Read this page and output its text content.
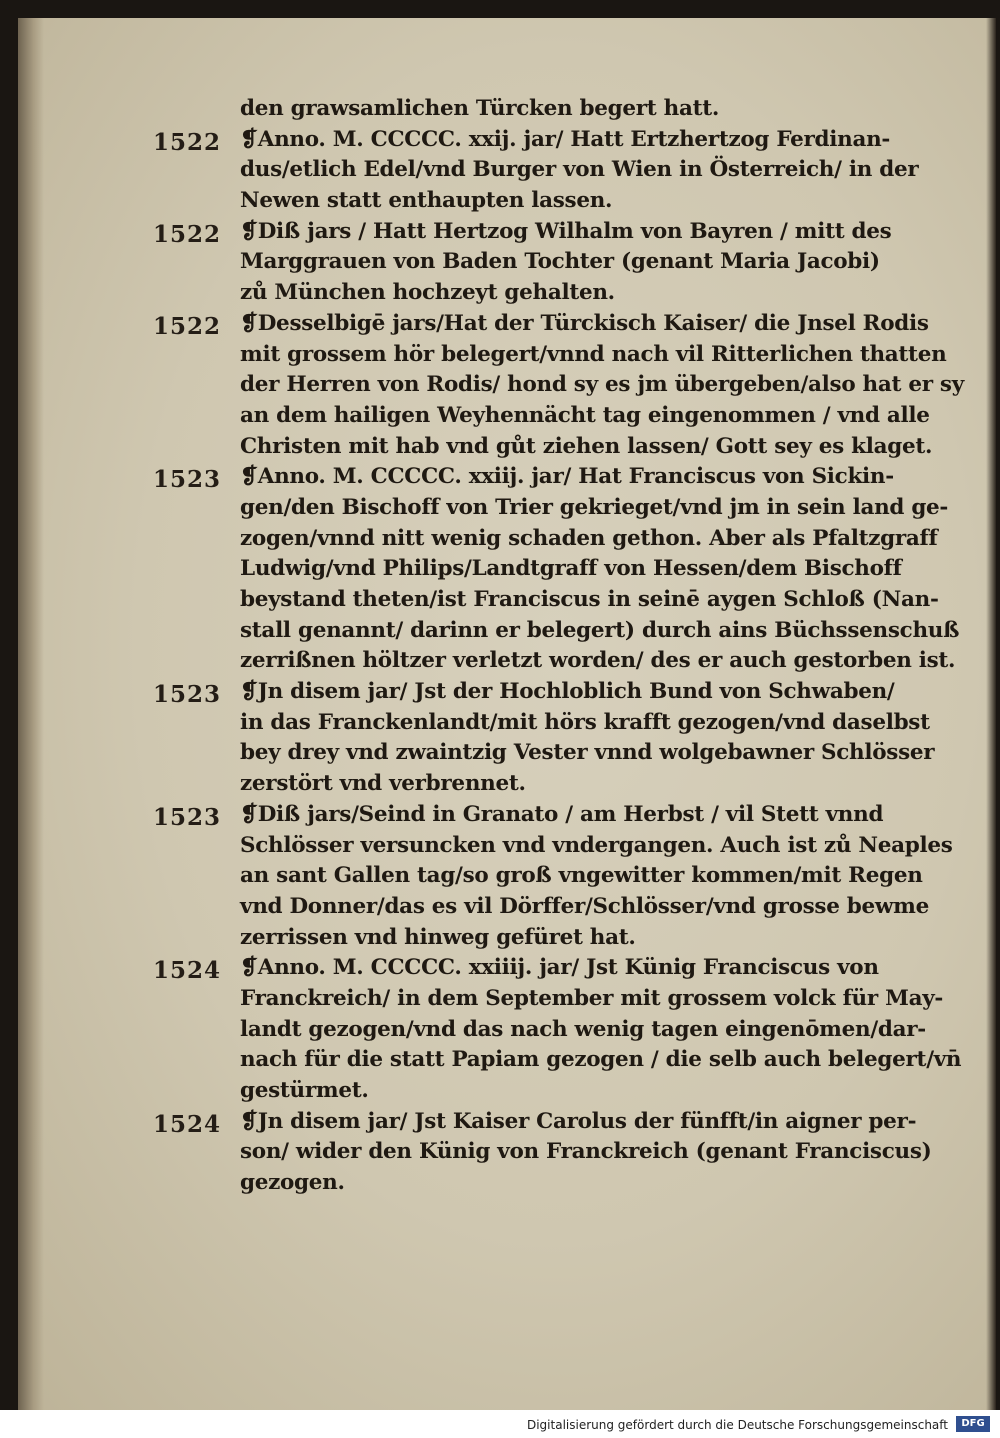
den grawsamlichen Türcken begert hatt.
1522 ❡Anno. M. CCCCC. xxij. jar/ Hatt Ertzhertzog Ferdinan-
dus/etlich Edel/vnd Burger von Wien in Österreich/ in der
Newen statt enthaupten lassen.
1522 ❡Diß jars / Hatt Hertzog Wilhalm von Bayren / mitt des
Marggrauen von Baden Tochter (genant Maria Jacobi)
zů München hochzeyt gehalten.
1522 ❡Desselbigē jars/Hat der Türckisch Kaiser/ die Jnsel Rodis
mit grossem hör belegert/vnnd nach vil Ritterlichen thatten
der Herren von Rodis/ hond sy es jm übergeben/also hat er sy
an dem hailigen Weyhennächt tag eingenommen / vnd alle
Christen mit hab vnd gůt ziehen lassen/ Gott sey es klaget.
1523 ❡Anno. M. CCCCC. xxiij. jar/ Hat Franciscus von Sickin-
gen/den Bischoff von Trier gekrieget/vnd jm in sein land ge-
zogen/vnnd nitt wenig schaden gethon. Aber als Pfaltzgraff
Ludwig/vnd Philips/Landtgraff von Hessen/dem Bischoff
beystand theten/ist Franciscus in seinē aygen Schloß (Nan-
stall genannt/ darinn er belegert) durch ains Büchssenschuß
zerrißnen höltzer verletzt worden/ des er auch gestorben ist.
1523 ❡Jn disem jar/ Jst der Hochloblich Bund von Schwaben/
in das Franckenlandt/mit hörs krafft gezogen/vnd daselbst
bey drey vnd zwaintzig Vester vnnd wolgebawner Schlösser
zerstört vnd verbrennet.
1523 ❡Diß jars/Seind in Granato / am Herbst / vil Stett vnnd
Schlösser versuncken vnd vndergangen. Auch ist zů Neaples
an sant Gallen tag/so groß vngewitter kommen/mit Regen
vnd Donner/das es vil Dörffer/Schlösser/vnd grosse bewme
zerrissen vnd hinweg gefüret hat.
1524 ❡Anno. M. CCCCC. xxiiij. jar/ Jst Künig Franciscus von
Franckreich/ in dem September mit grossem volck für May-
landt gezogen/vnd das nach wenig tagen eingenōmen/dar-
nach für die statt Papiam gezogen / die selb auch belegert/vn̄
gestürmet.
1524 ❡Jn disem jar/ Jst Kaiser Carolus der fünfft/in aigner per-
son/ wider den Künig von Franckreich (genant Franciscus)
gezogen.
Digitalisierung gefördert durch die Deutsche Forschungsgemeinschaft	DFG
